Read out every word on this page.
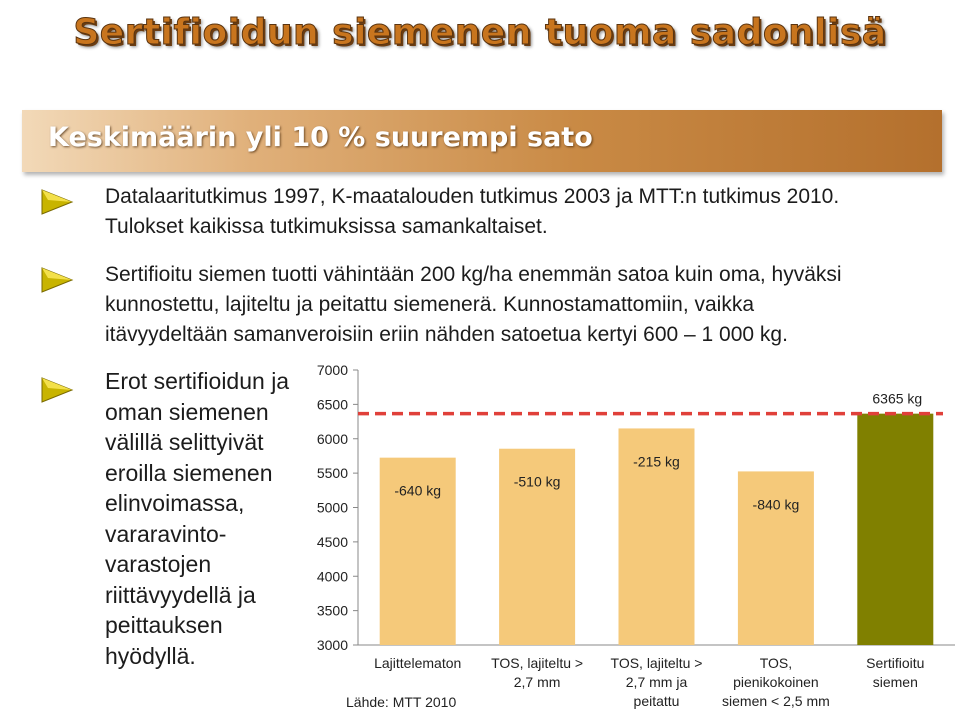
Sertifioidun siemenen tuoma sadonlisä
Keskimäärin yli 10 % suurempi sato
Datalaaritutkimus 1997, K-maatalouden tutkimus 2003 ja MTT:n tutkimus 2010.
Tulokset kaikissa tutkimuksissa samankaltaiset.
Sertifioitu siemen tuotti vähintään 200 kg/ha enemmän satoa kuin oma, hyväksi
kunnostettu, lajiteltu ja peitattu siemenerä. Kunnostamattomiin, vaikka
itävyydeltään samanveroisiin eriin nähden satoetua kertyi 600 – 1 000 kg.
Erot sertifioidun ja
oman siemenen
välillä selittyivät
eroilla siemenen
elinvoimassa,
vararavinto-
varastojen
riittävyydellä ja
peittauksen
hyödyllä.	3000
3500
4000
4500
5000
5500
6000
6500
7000
Lajittelematon
-640 kg
TOS, lajiteltu >
2,7 mm
-510 kg
TOS, lajiteltu >
2,7 mm ja
peitattu
-215 kg
TOS,
pienikokoinen
siemen < 2,5 mm
-840 kg
Sertifioitu
siemen
6365 kg
Lähde: MTT 2010
